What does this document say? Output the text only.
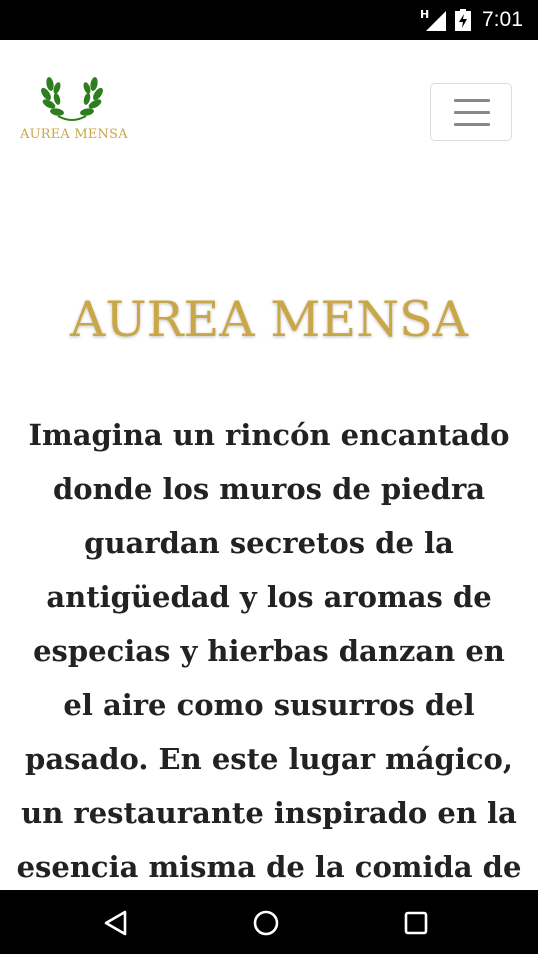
H	7:01
AUREA MENSA
AUREA MENSA
Imagina un rincón encantado
donde los muros de piedra
guardan secretos de la
antigüedad y los aromas de
especias y hierbas danzan en
el aire como susurros del
pasado. En este lugar mágico,
un restaurante inspirado en la
esencia misma de la comida de
